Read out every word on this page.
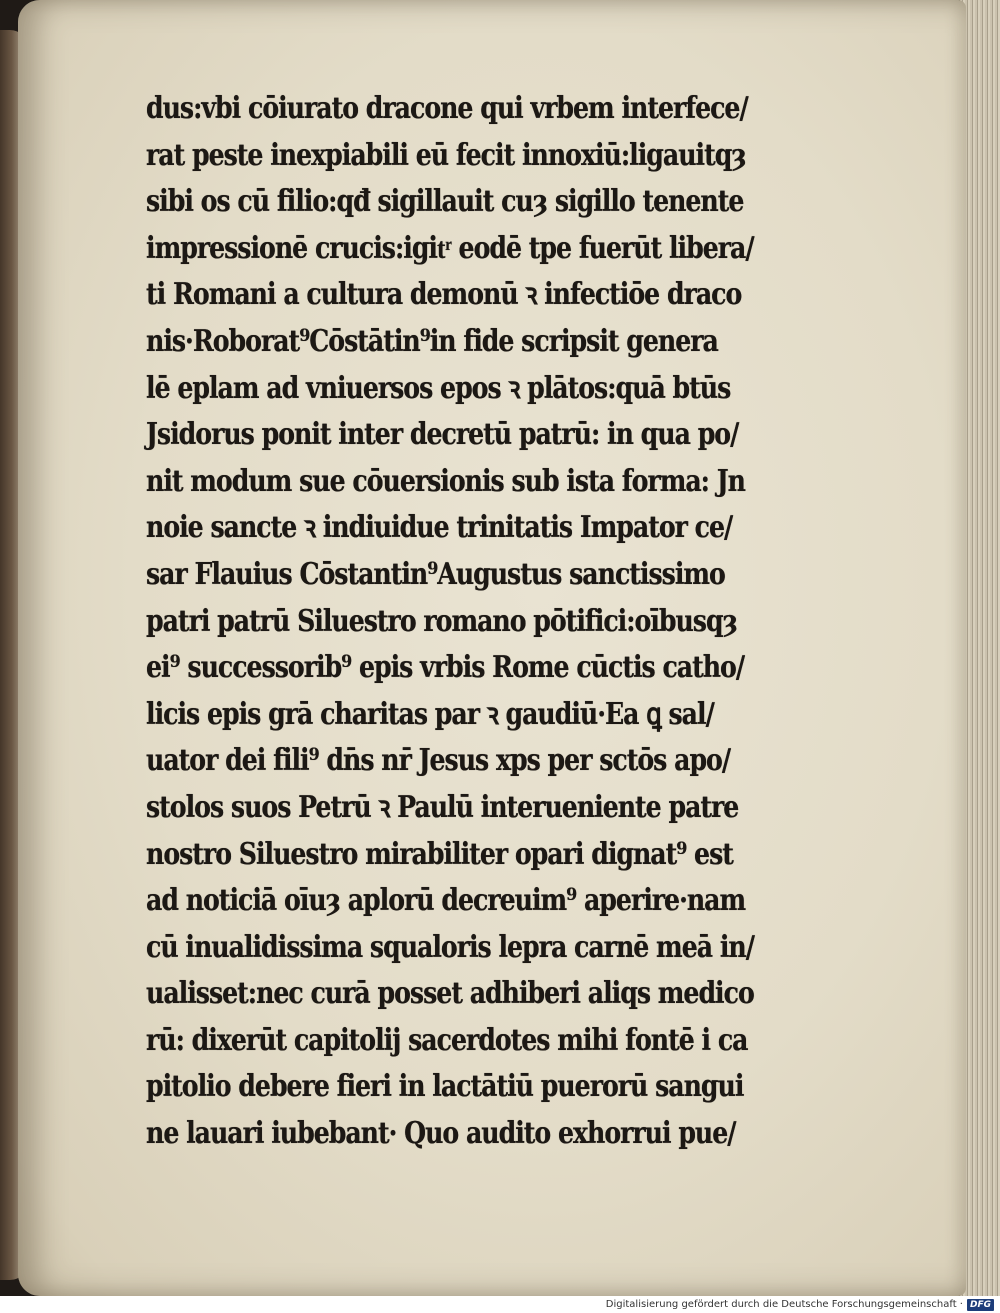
dus:vbi cōiurato dracone qui vrbem interfece/
rat peste inexpiabili eū fecit innoxiū:ligauitqȝ
sibi os cū filio:qđ sigillauit cuȝ sigillo tenente
impressionē crucis:igitͬ eodē tpe fuerūt libera/
ti Romani a cultura demonū ꝛ infectiōe draco
nis·Roborat⁹Cōstātin⁹in fide scripsit genera
lē eplam ad vniuersos epos ꝛ plātos:quā btūs
Jsidorus ponit inter decretū patrū: in qua po/
nit modum sue cōuersionis sub ista forma: Jn
noie sancte ꝛ indiuidue trinitatis Impator ce/
sar Flauius Cōstantin⁹Augustus sanctissimo
patri patrū Siluestro romano pōtifici:oībusqȝ
ei⁹ successorib⁹ epis vrbis Rome cūctis catho/
licis epis grā charitas par ꝛ gaudiū·Ea ꝗ sal/
uator dei fili⁹ dn̄s nr̄ Jesus xps per sctōs apo/
stolos suos Petrū ꝛ Paulū interueniente patre
nostro Siluestro mirabiliter opari dignat⁹ est
ad noticiā oīuȝ aplorū decreuim⁹ aperire·nam
cū inualidissima squaloris lepra carnē meā in/
ualisset:nec curā posset adhiberi aliqs medico
rū: dixerūt capitolij sacerdotes mihi fontē i ca
pitolio debere fieri in lactātiū puerorū sangui
ne lauari iubebant· Quo audito exhorrui pue/
Digitalisierung gefördert durch die Deutsche Forschungsgemeinschaft · DFG
